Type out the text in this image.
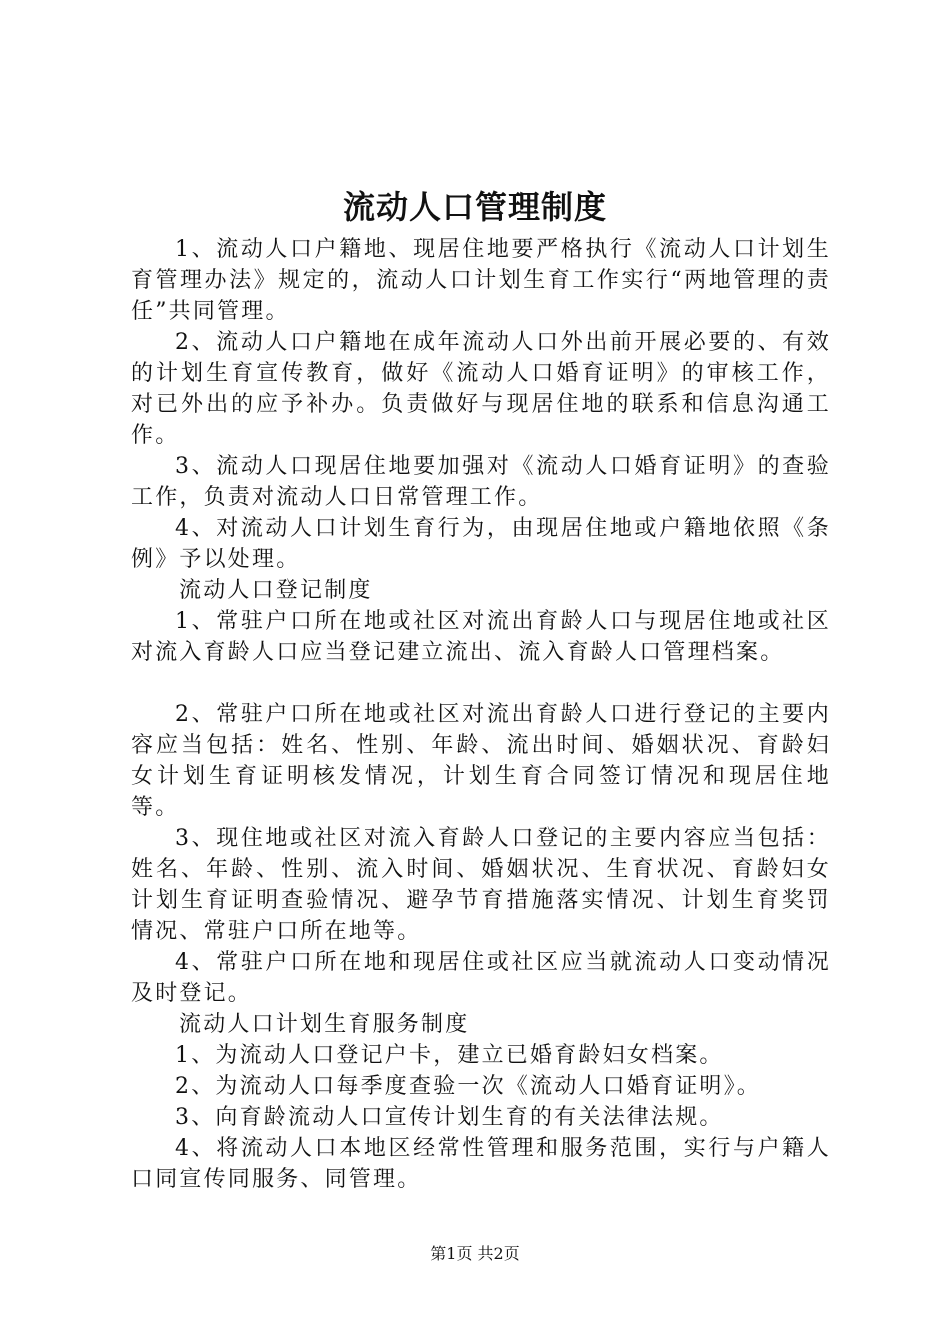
流动人口管理制度

1、流动人口户籍地、现居住地要严格执行《流动人口计划生育管理办法》规定的，流动人口计划生育工作实行“两地管理的责任”共同管理。

2、流动人口户籍地在成年流动人口外出前开展必要的、有效的计划生育宣传教育，做好《流动人口婚育证明》的审核工作，对已外出的应予补办。负责做好与现居住地的联系和信息沟通工作。

3、流动人口现居住地要加强对《流动人口婚育证明》的查验工作，负责对流动人口日常管理工作。

4、对流动人口计划生育行为，由现居住地或户籍地依照《条例》予以处理。

流动人口登记制度

1、常驻户口所在地或社区对流出育龄人口与现居住地或社区对流入育龄人口应当登记建立流出、流入育龄人口管理档案。

2、常驻户口所在地或社区对流出育龄人口进行登记的主要内容应当包括：姓名、性别、年龄、流出时间、婚姻状况、育龄妇女计划生育证明核发情况，计划生育合同签订情况和现居住地等。

3、现住地或社区对流入育龄人口登记的主要内容应当包括：姓名、年龄、性别、流入时间、婚姻状况、生育状况、育龄妇女计划生育证明查验情况、避孕节育措施落实情况、计划生育奖罚情况、常驻户口所在地等。

4、常驻户口所在地和现居住或社区应当就流动人口变动情况及时登记。

流动人口计划生育服务制度

1、为流动人口登记户卡，建立已婚育龄妇女档案。

2、为流动人口每季度查验一次《流动人口婚育证明》。

3、向育龄流动人口宣传计划生育的有关法律法规。

4、将流动人口本地区经常性管理和服务范围，实行与户籍人口同宣传同服务、同管理。

第1页 共2页
